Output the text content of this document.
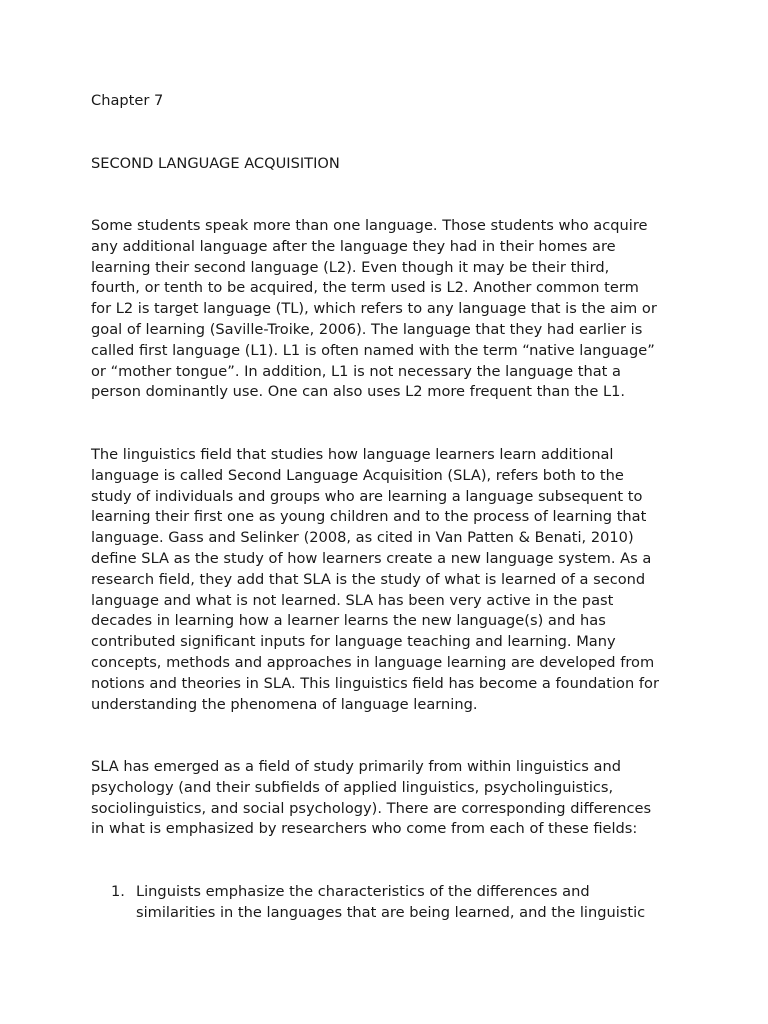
Chapter 7

SECOND LANGUAGE ACQUISITION

Some students speak more than one language. Those students who acquire
any additional language after the language they had in their homes are
learning their second language (L2). Even though it may be their third,
fourth, or tenth to be acquired, the term used is L2. Another common term
for L2 is target language (TL), which refers to any language that is the aim or
goal of learning (Saville-Troike, 2006). The language that they had earlier is
called first language (L1). L1 is often named with the term “native language”
or “mother tongue”. In addition, L1 is not necessary the language that a
person dominantly use. One can also uses L2 more frequent than the L1.

The linguistics field that studies how language learners learn additional
language is called Second Language Acquisition (SLA), refers both to the
study of individuals and groups who are learning a language subsequent to
learning their first one as young children and to the process of learning that
language. Gass and Selinker (2008, as cited in Van Patten & Benati, 2010)
define SLA as the study of how learners create a new language system. As a
research field, they add that SLA is the study of what is learned of a second
language and what is not learned. SLA has been very active in the past
decades in learning how a learner learns the new language(s) and has
contributed significant inputs for language teaching and learning. Many
concepts, methods and approaches in language learning are developed from
notions and theories in SLA. This linguistics field has become a foundation for
understanding the phenomena of language learning.

SLA has emerged as a field of study primarily from within linguistics and
psychology (and their subfields of applied linguistics, psycholinguistics,
sociolinguistics, and social psychology). There are corresponding differences
in what is emphasized by researchers who come from each of these fields:

1. Linguists emphasize the characteristics of the differences and
similarities in the languages that are being learned, and the linguistic
